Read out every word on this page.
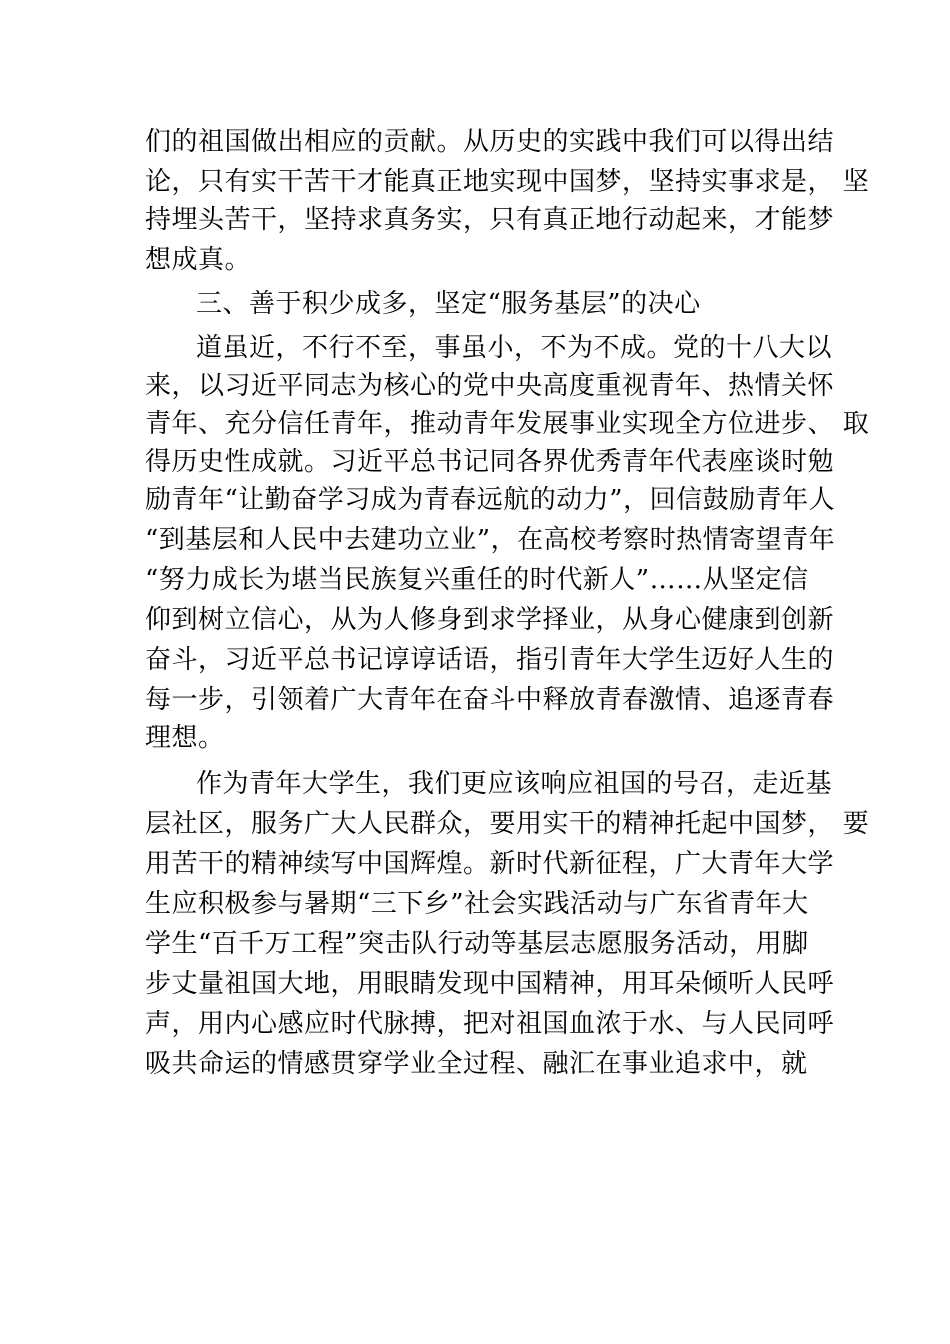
们的祖国做出相应的贡献。从历史的实践中我们可以得出结
论，只有实干苦干才能真正地实现中国梦，坚持实事求是， 坚
持埋头苦干，坚持求真务实，只有真正地行动起来，才能梦
想成真。
三、善于积少成多，坚定“服务基层”的决心
道虽近，不行不至，事虽小，不为不成。党的十八大以
来，以习近平同志为核心的党中央高度重视青年、热情关怀
青年、充分信任青年，推动青年发展事业实现全方位进步、 取
得历史性成就。习近平总书记同各界优秀青年代表座谈时勉
励青年“让勤奋学习成为青春远航的动力”，回信鼓励青年人
“到基层和人民中去建功立业”，在高校考察时热情寄望青年
“努力成长为堪当民族复兴重任的时代新人”……从坚定信
仰到树立信心，从为人修身到求学择业，从身心健康到创新
奋斗，习近平总书记谆谆话语，指引青年大学生迈好人生的
每一步，引领着广大青年在奋斗中释放青春激情、追逐青春
理想。
作为青年大学生，我们更应该响应祖国的号召，走近基
层社区，服务广大人民群众，要用实干的精神托起中国梦， 要
用苦干的精神续写中国辉煌。新时代新征程，广大青年大学
生应积极参与暑期“三下乡”社会实践活动与广东省青年大
学生“百千万工程”突击队行动等基层志愿服务活动，用脚
步丈量祖国大地，用眼睛发现中国精神，用耳朵倾听人民呼
声，用内心感应时代脉搏，把对祖国血浓于水、与人民同呼
吸共命运的情感贯穿学业全过程、融汇在事业追求中，就
